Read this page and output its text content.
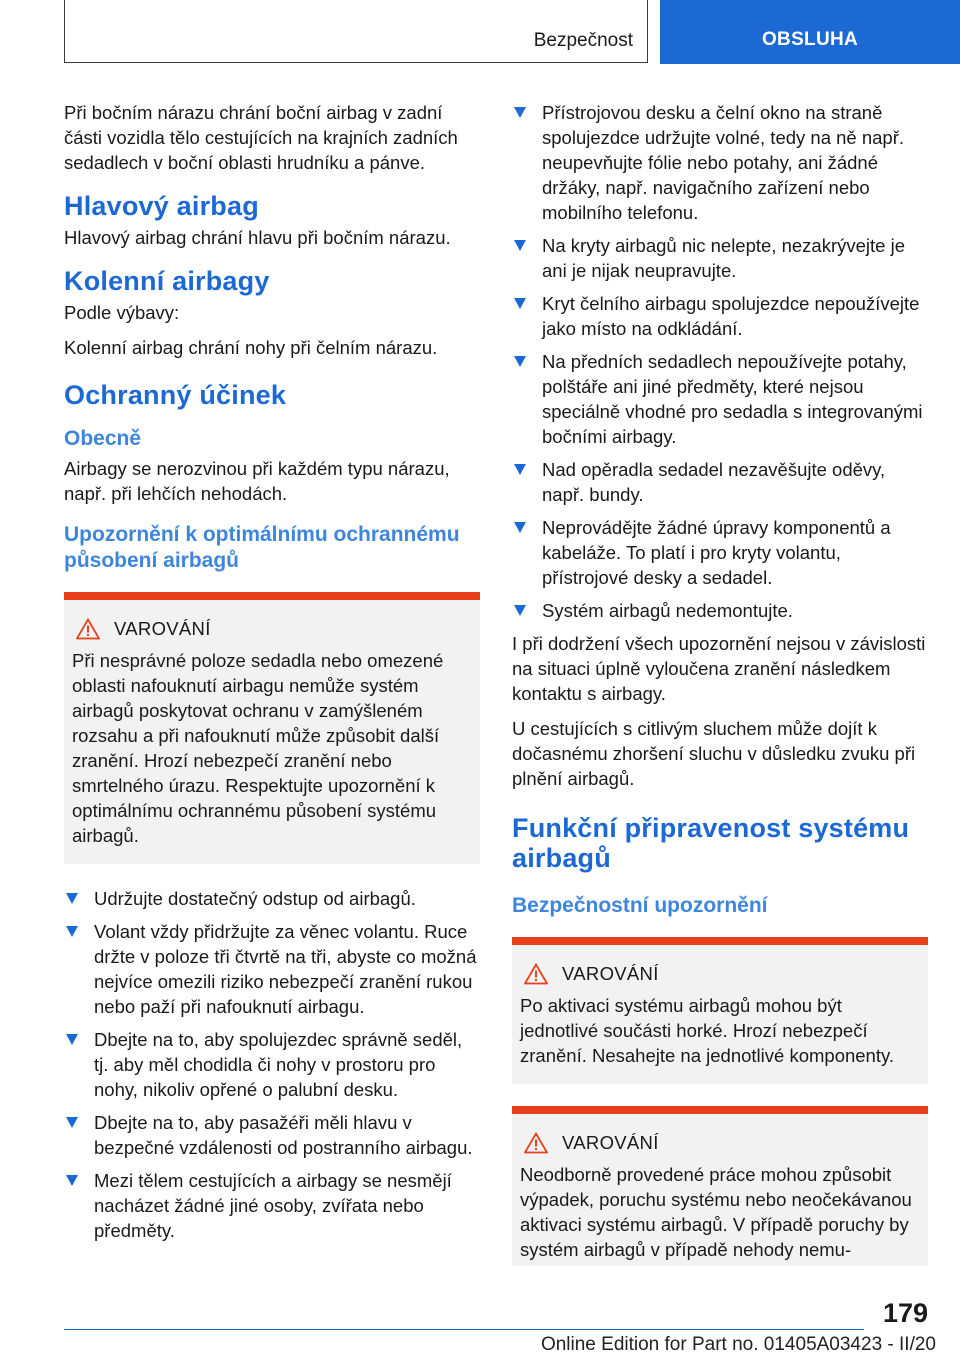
Bezpečnost	OBSLUHA

Při bočním nárazu chrání boční airbag v zadní části vozidla tělo cestujících na krajních zadních sedadlech v boční oblasti hrudníku a pánve.

Hlavový airbag

Hlavový airbag chrání hlavu při bočním nárazu.

Kolenní airbagy

Podle výbavy:

Kolenní airbag chrání nohy při čelním nárazu.

Ochranný účinek
Obecně

Airbagy se nerozvinou při každém typu nárazu, např. při lehčích nehodách.

Upozornění k optimálnímu ochrannému působení airbagů
VAROVÁNÍ

Při nesprávné poloze sedadla nebo omezené oblasti nafouknutí airbagu nemůže systém airbagů poskytovat ochranu v zamýšleném rozsahu a při nafouknutí může způsobit další zranění. Hrozí nebezpečí zranění nebo smrtelného úrazu. Respektujte upozornění k optimálnímu ochrannému působení systému airbagů.

Udržujte dostatečný odstup od airbagů.
Volant vždy přidržujte za věnec volantu. Ruce držte v poloze tři čtvrtě na tři, abyste co možná nejvíce omezili riziko nebezpečí zranění rukou nebo paží při nafouknutí airbagu.
Dbejte na to, aby spolujezdec správně seděl, tj. aby měl chodidla či nohy v prostoru pro nohy, nikoliv opřené o palubní desku.
Dbejte na to, aby pasažéři měli hlavu v bezpečné vzdálenosti od postranního airbagu.
Mezi tělem cestujících a airbagy se nesmějí nacházet žádné jiné osoby, zvířata nebo předměty.
Přístrojovou desku a čelní okno na straně spolujezdce udržujte volné, tedy na ně např. neupevňujte fólie nebo potahy, ani žádné držáky, např. navigačního zařízení nebo mobilního telefonu.
Na kryty airbagů nic nelepte, nezakrývejte je ani je nijak neupravujte.
Kryt čelního airbagu spolujezdce nepoužívejte jako místo na odkládání.
Na předních sedadlech nepoužívejte potahy, polštáře ani jiné předměty, které nejsou speciálně vhodné pro sedadla s integrovanými bočními airbagy.
Nad opěradla sedadel nezavěšujte oděvy, např. bundy.
Neprovádějte žádné úpravy komponentů a kabeláže. To platí i pro kryty volantu, přístrojové desky a sedadel.
Systém airbagů nedemontujte.

I při dodržení všech upozornění nejsou v závislosti na situaci úplně vyloučena zranění následkem kontaktu s airbagy.

U cestujících s citlivým sluchem může dojít k dočasnému zhoršení sluchu v důsledku zvuku při plnění airbagů.

Funkční připravenost systému airbagů
Bezpečnostní upozornění
VAROVÁNÍ

Po aktivaci systému airbagů mohou být jednotlivé součásti horké. Hrozí nebezpečí zranění. Nesahejte na jednotlivé komponenty.

VAROVÁNÍ

Neodborně provedené práce mohou způsobit výpadek, poruchu systému nebo neočekávanou aktivaci systému airbagů. V případě poruchy by systém airbagů v případě nehody nemu-

179
Online Edition for Part no. 01405A03423 - II/20
